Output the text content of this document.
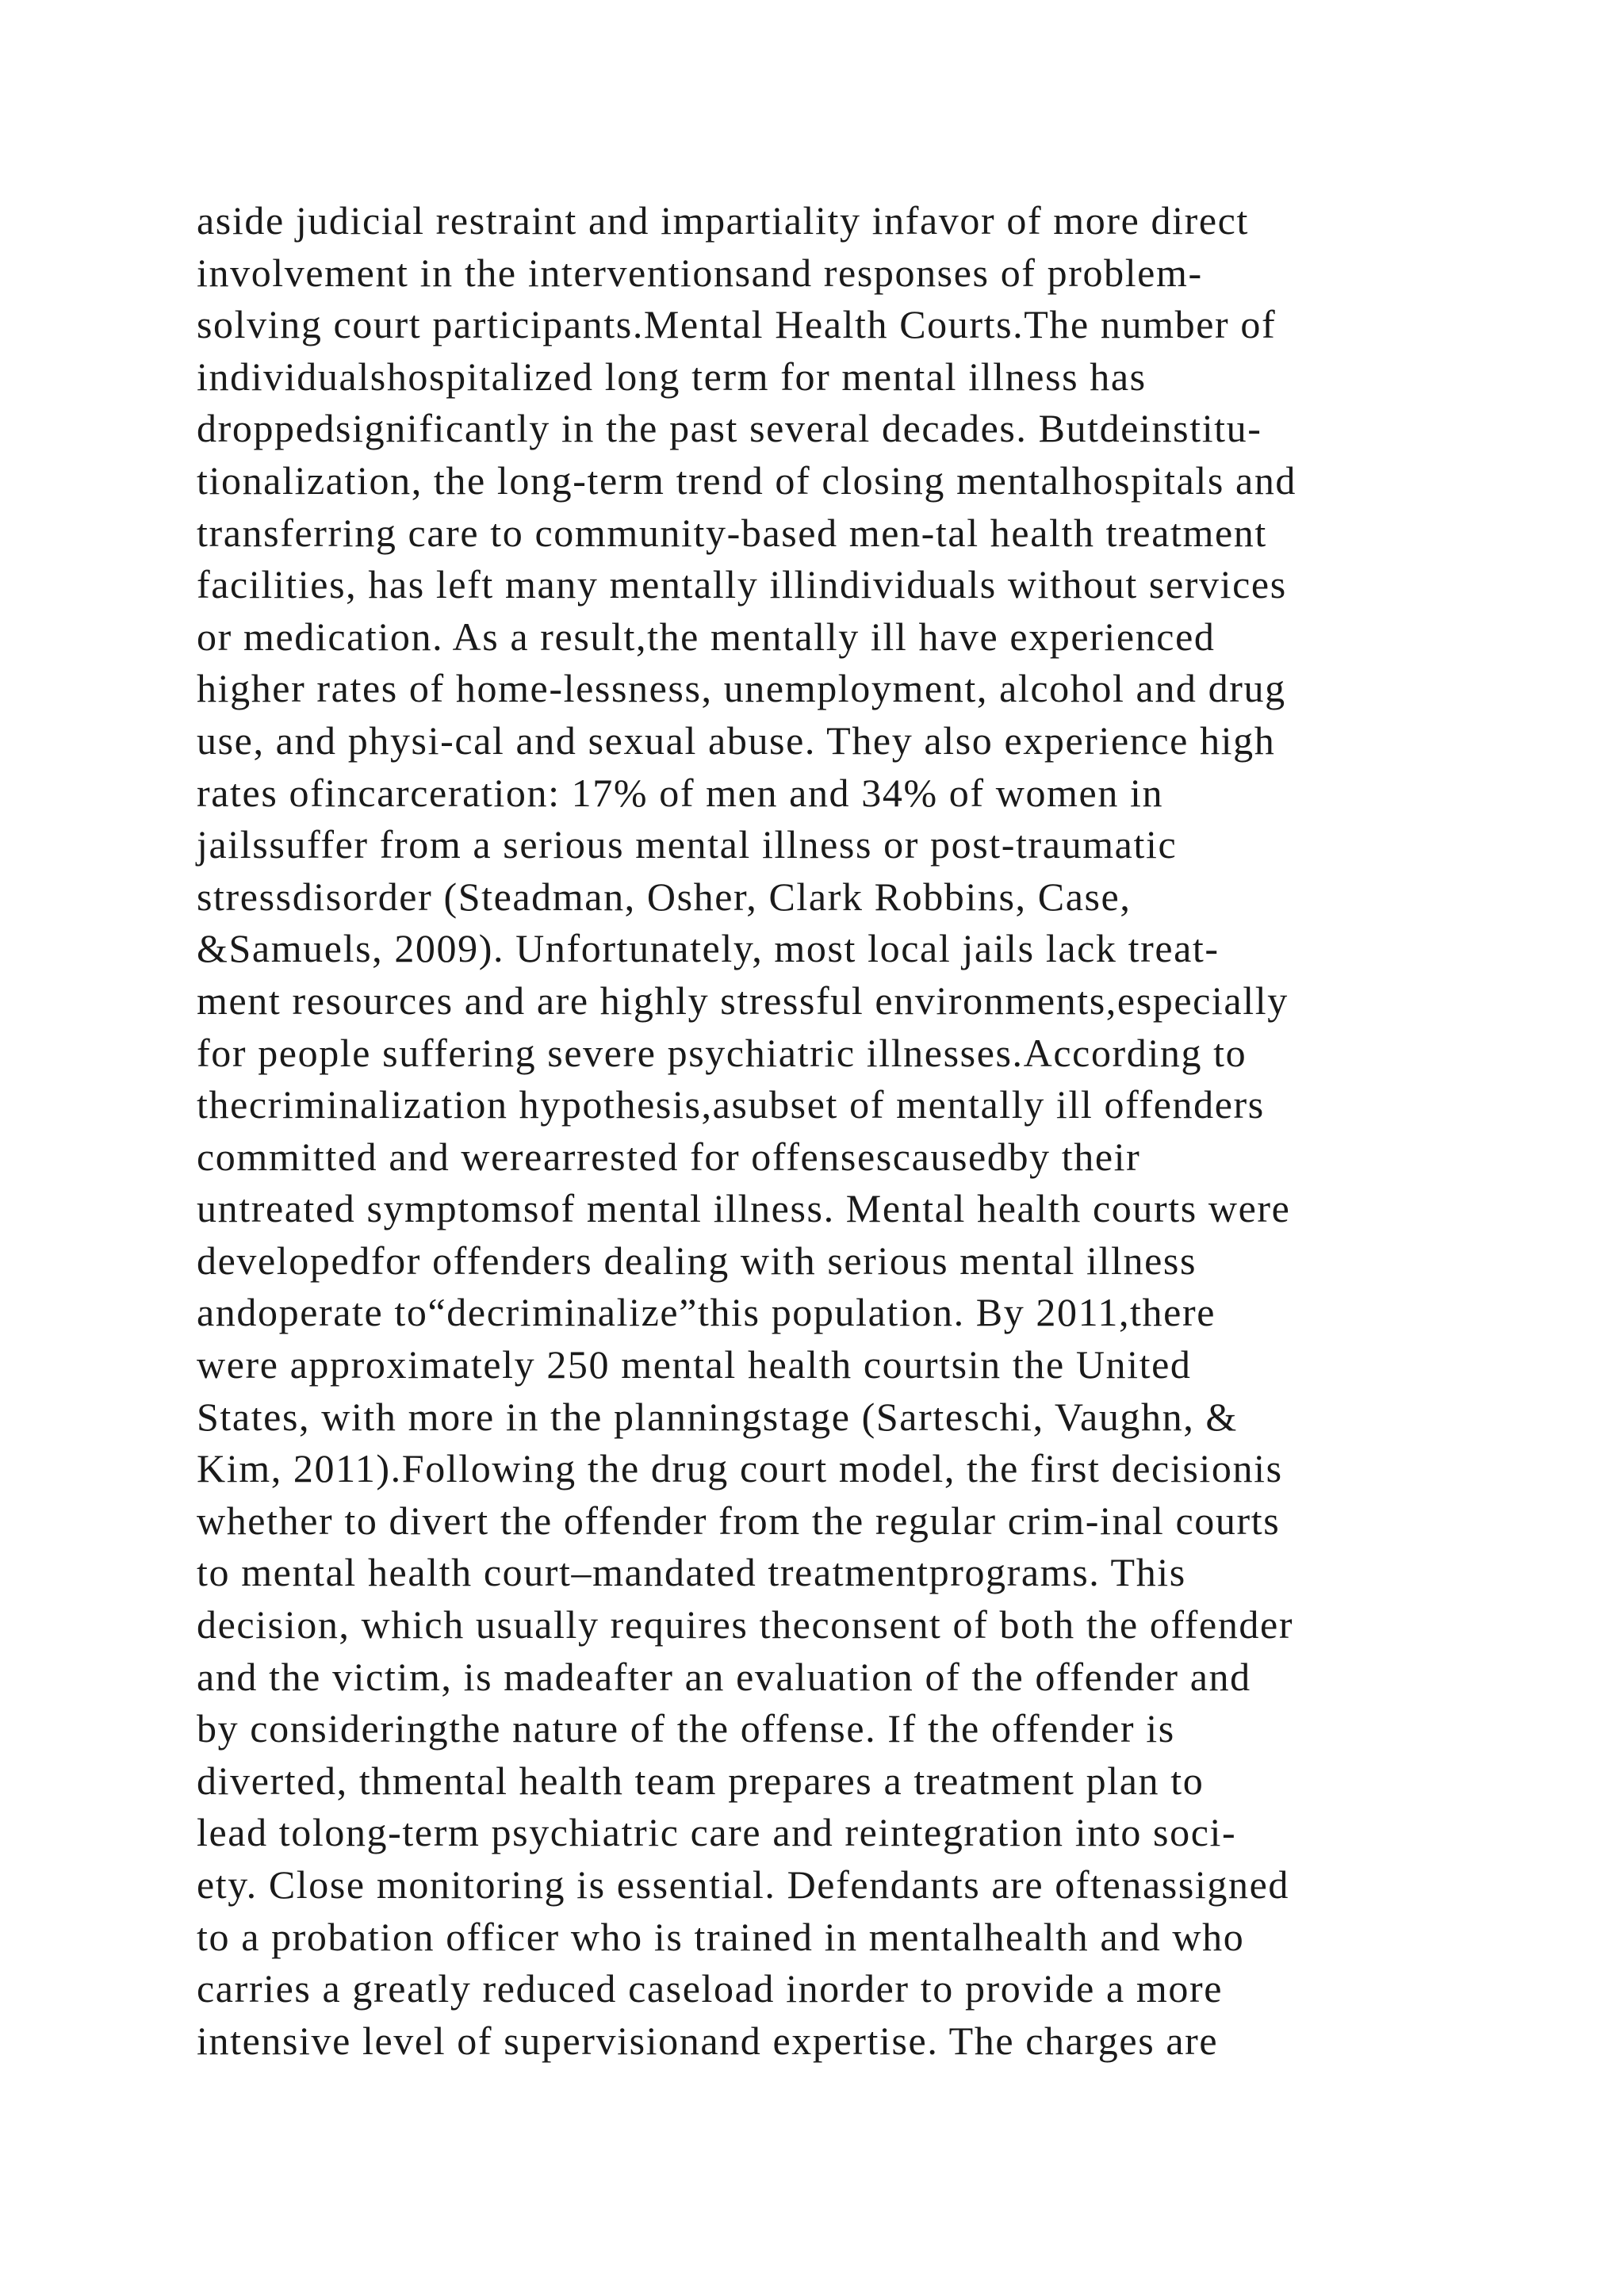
aside judicial restraint and impartiality infavor of more direct
involvement in the interventionsand responses of problem-
solving court participants.Mental Health Courts.The number of
individualshospitalized long term for mental illness has
droppedsignificantly in the past several decades. Butdeinstitu-
tionalization, the long-term trend of closing mentalhospitals and
transferring care to community-based men-tal health treatment
facilities, has left many mentally illindividuals without services
or medication. As a result,the mentally ill have experienced
higher rates of home-lessness, unemployment, alcohol and drug
use, and physi-cal and sexual abuse. They also experience high
rates ofincarceration: 17% of men and 34% of women in
jailssuffer from a serious mental illness or post-traumatic
stressdisorder (Steadman, Osher, Clark Robbins, Case,
&Samuels, 2009). Unfortunately, most local jails lack treat-
ment resources and are highly stressful environments,especially
for people suffering severe psychiatric illnesses.According to
thecriminalization hypothesis,asubset of mentally ill offenders
committed and werearrested for offensescausedby their
untreated symptomsof mental illness. Mental health courts were
developedfor offenders dealing with serious mental illness
andoperate to“decriminalize”this population. By 2011,there
were approximately 250 mental health courtsin the United
States, with more in the planningstage (Sarteschi, Vaughn, &
Kim, 2011).Following the drug court model, the first decisionis
whether to divert the offender from the regular crim-inal courts
to mental health court–mandated treatmentprograms. This
decision, which usually requires theconsent of both the offender
and the victim, is madeafter an evaluation of the offender and
by consideringthe nature of the offense. If the offender is
diverted, thmental health team prepares a treatment plan to
lead tolong-term psychiatric care and reintegration into soci-
ety. Close monitoring is essential. Defendants are oftenassigned
to a probation officer who is trained in mentalhealth and who
carries a greatly reduced caseload inorder to provide a more
intensive level of supervisionand expertise. The charges are
